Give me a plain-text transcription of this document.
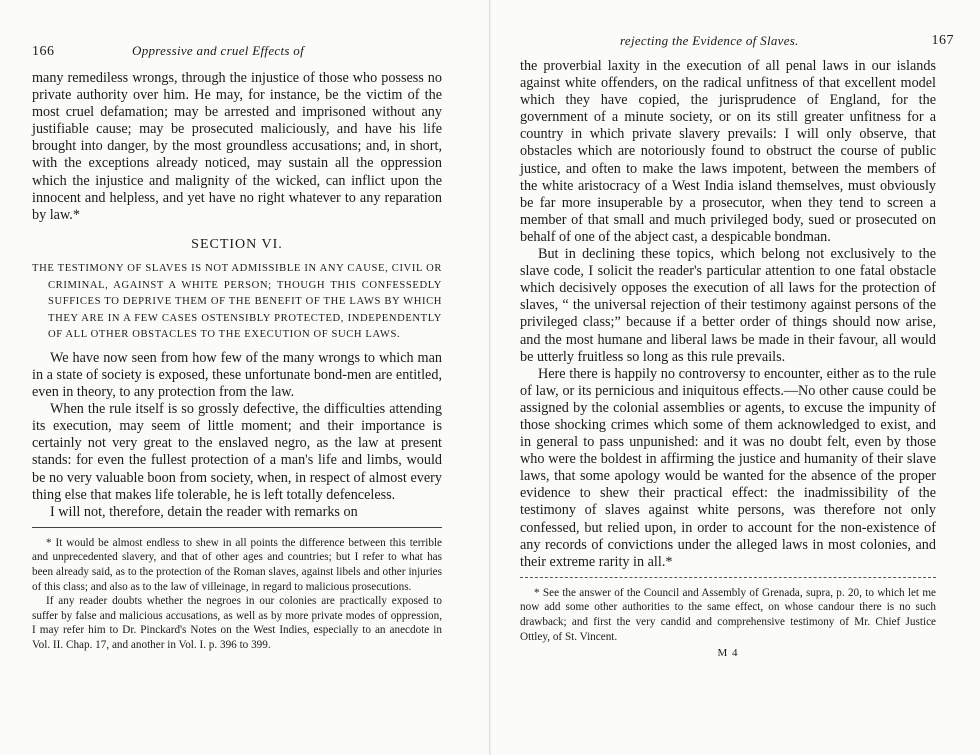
166	Oppressive and cruel Effects of

many remediless wrongs, through the injustice of those who possess no private authority over him. He may, for instance, be the victim of the most cruel defamation; may be arrested and imprisoned without any justifiable cause; may be prosecuted maliciously, and have his life brought into danger, by the most groundless accusations; and, in short, with the exceptions already noticed, may sustain all the oppression which the injustice and malignity of the wicked, can inflict upon the innocent and helpless, and yet have no right whatever to any reparation by law.*

SECTION VI.
THE TESTIMONY OF SLAVES IS NOT ADMISSIBLE IN ANY CAUSE, CIVIL OR CRIMINAL, AGAINST A WHITE PERSON; THOUGH THIS CONFESSEDLY SUFFICES TO DEPRIVE THEM OF THE BENEFIT OF THE LAWS BY WHICH THEY ARE IN A FEW CASES OSTENSIBLY PROTECTED, INDEPENDENTLY OF ALL OTHER OBSTACLES TO THE EXECUTION OF SUCH LAWS.

We have now seen from how few of the many wrongs to which man in a state of society is exposed, these unfortunate bond-men are entitled, even in theory, to any protection from the law.

When the rule itself is so grossly defective, the difficulties attending its execution, may seem of little moment; and their importance is certainly not very great to the enslaved negro, as the law at present stands: for even the fullest protection of a man's life and limbs, would be no very valuable boon from society, when, in respect of almost every thing else that makes life tolerable, he is left totally defenceless.

I will not, therefore, detain the reader with remarks on

* It would be almost endless to shew in all points the difference between this terrible and unprecedented slavery, and that of other ages and countries; but I refer to what has been already said, as to the protection of the Roman slaves, against libels and other injuries of this class; and also as to the law of villeinage, in regard to malicious prosecutions.

If any reader doubts whether the negroes in our colonies are practically exposed to suffer by false and malicious accusations, as well as by more private modes of oppression, I may refer him to Dr. Pinckard's Notes on the West Indies, especially to an anecdote in Vol. II. Chap. 17, and another in Vol. I. p. 396 to 399.

rejecting the Evidence of Slaves.	167

the proverbial laxity in the execution of all penal laws in our islands against white offenders, on the radical unfitness of that excellent model which they have copied, the jurisprudence of England, for the government of a minute society, or on its still greater unfitness for a country in which private slavery prevails: I will only observe, that obstacles which are notoriously found to obstruct the course of public justice, and often to make the laws impotent, between the members of the white aristocracy of a West India island themselves, must obviously be far more insuperable by a prosecutor, when they tend to screen a member of that small and much privileged body, sued or prosecuted on behalf of one of the abject cast, a despicable bondman.

But in declining these topics, which belong not exclusively to the slave code, I solicit the reader's particular attention to one fatal obstacle which decisively opposes the execution of all laws for the protection of slaves, “ the universal rejection of their testimony against persons of the privileged class;” because if a better order of things should now arise, and the most humane and liberal laws be made in their favour, all would be utterly fruitless so long as this rule prevails.

Here there is happily no controversy to encounter, either as to the rule of law, or its pernicious and iniquitous effects.—No other cause could be assigned by the colonial assemblies or agents, to excuse the impunity of those shocking crimes which some of them acknowledged to exist, and in general to pass unpunished: and it was no doubt felt, even by those who were the boldest in affirming the justice and humanity of their slave laws, that some apology would be wanted for the absence of the proper evidence to shew their practical effect: the inadmissibility of the testimony of slaves against white persons, was therefore not only confessed, but relied upon, in order to account for the non-existence of any records of convictions under the alleged laws in most colonies, and their extreme rarity in all.*

* See the answer of the Council and Assembly of Grenada, supra, p. 20, to which let me now add some other authorities to the same effect, on whose candour there is no such drawback; and first the very candid and comprehensive testimony of Mr. Chief Justice Ottley, of St. Vincent.

M 4
